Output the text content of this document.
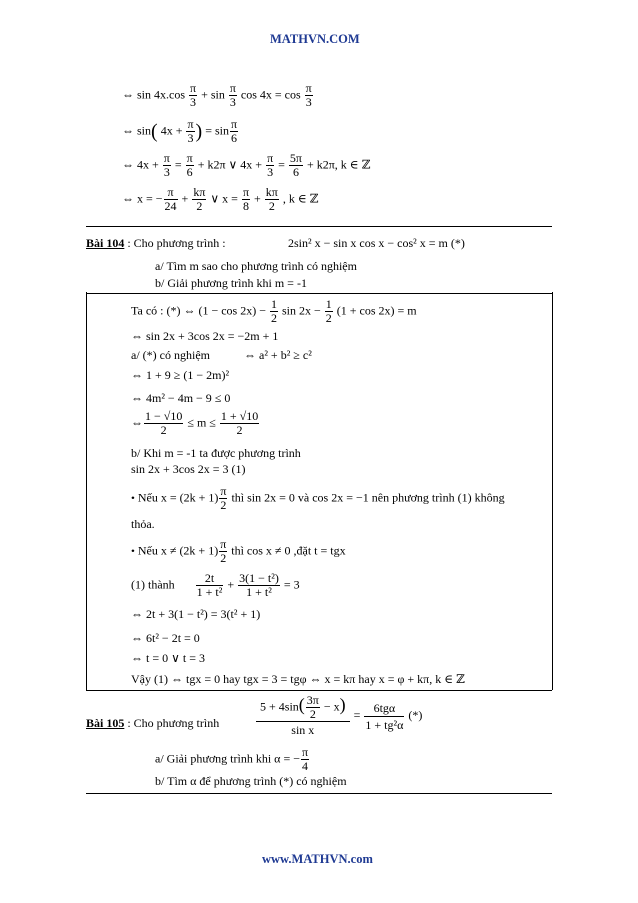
MATHVN.COM
⇔ $\sin 4x.\cos \frac{\pi}{3} + \sin \frac{\pi}{3}$ $\cos 4x = \cos \frac{\pi}{3}$
⇔ sin( $4x + \frac{\pi}{3}$ ) = $\sin \frac{\pi}{6}$
⇔ $4x + \frac{\pi}{3} = \frac{\pi}{6} + k2\pi$ ∨ $4x + \frac{\pi}{3} = \frac{5\pi}{6} + k2\pi$, k ∈ ℤ
⇔ x = − $\frac{\pi}{24} + \frac{k\pi}{2}$ ∨ $x = \frac{\pi}{8} + \frac{k\pi}{2}$ , k ∈ ℤ
Bài 104 : Cho phương trình :	2sin² x − sin x cos x − cos² x = m (*)
a/ Tìm m sao cho phương trình có nghiệm
b/ Giải phương trình khi m = -1
Ta có : (*) ⇔ $(1 - \cos 2x) - \frac{1}{2}$ $\sin 2x - \frac{1}{2} (1 + \cos 2x) = m$
⇔ sin 2x + 3cos 2x = −2m + 1
a/ (*) có nghiệm	⇔ a² + b² ≥ c²
⇔ 1 + 9 ≥ (1 − 2m)²
⇔ 4m² − 4m − 9 ≤ 0
⇔ $\frac{1 - √10}{2} \le m \le \frac{1 + √10}{2}$
b/ Khi m = -1 ta được phương trình
sin 2x + 3cos 2x = 3 (1)
• Nếu $x = (2k + 1) \frac{\pi}{2}$ thì sin 2x = 0 và cos 2x = −1 nên phương trình (1) không
thỏa.
• Nếu $x \ne (2k + 1) \frac{\pi}{2}$ thì cos x ≠ 0 ,đặt t = tgx
(1) thành $\frac{2t}{\text{1 + t²}} + \frac{\text{3(1 − t²)}}{\text{1 + t²}} = 3$
⇔ 2t + 3(1 − t²) = 3(t² + 1)
⇔ 6t² − 2t = 0
⇔ t = 0 ∨ t = 3
Vậy (1) ⇔ tgx = 0 hay tgx = 3 = tgφ ⇔ x = kπ hay x = φ + kπ, k ∈ ℤ
Bài 105 : Cho phương trình	$\frac{5 + 4\sin( \frac{3\pi}{2} - x)}{\text{sin x}} = \frac{\text{6tgα}}{\text{1 + tg²α}}$ (*)
a/ Giải phương trình khi α = − $\frac{\pi}{4}$
b/ Tìm α để phương trình (*) có nghiệm
www.MATHVN.com
